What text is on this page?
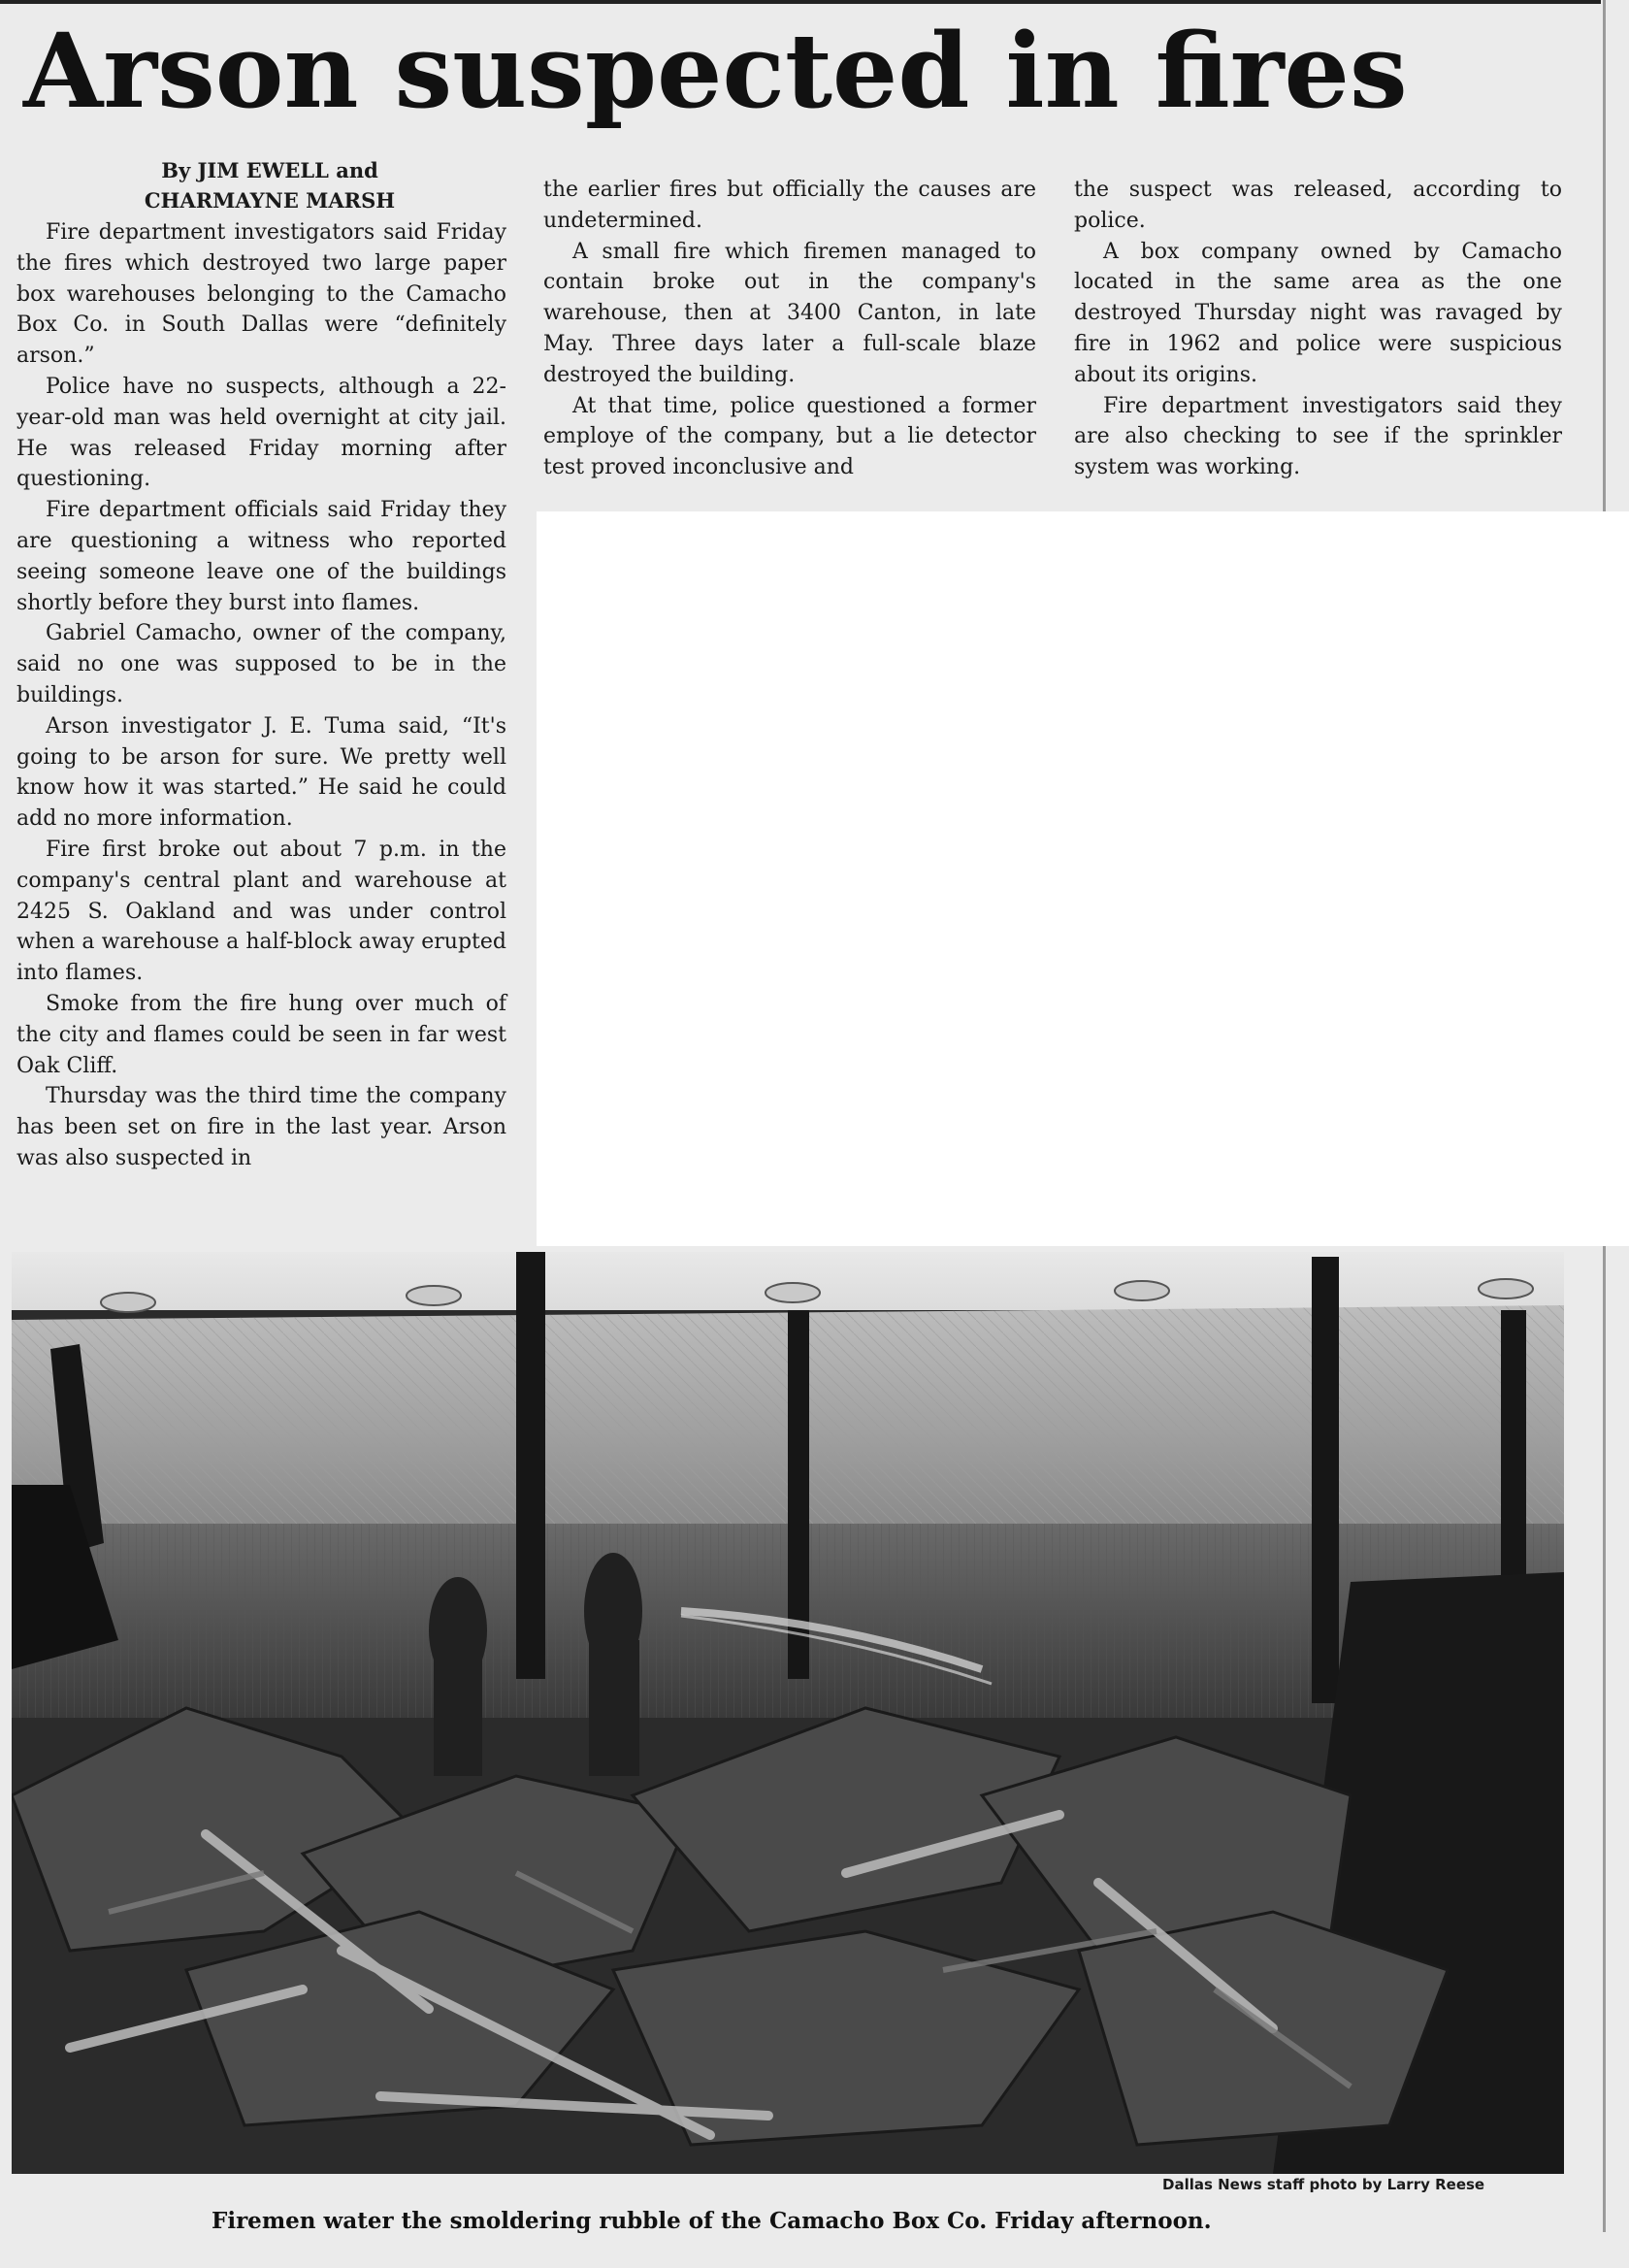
Arson suspected in fires
By JIM EWELL and
CHARMAYNE MARSH

Fire department investigators said Friday the fires which destroyed two large paper box warehouses belonging to the Camacho Box Co. in South Dallas were “definitely arson.”

Police have no suspects, although a 22-year-old man was held overnight at city jail. He was released Friday morning after questioning.

Fire department officials said Friday they are questioning a witness who reported seeing someone leave one of the buildings shortly before they burst into flames.

Gabriel Camacho, owner of the company, said no one was supposed to be in the buildings.

Arson investigator J. E. Tuma said, “It's going to be arson for sure. We pretty well know how it was started.” He said he could add no more information.

Fire first broke out about 7 p.m. in the company's central plant and warehouse at 2425 S. Oakland and was under control when a warehouse a half-block away erupted into flames.

Smoke from the fire hung over much of the city and flames could be seen in far west Oak Cliff.

Thursday was the third time the company has been set on fire in the last year. Arson was also suspected in

the earlier fires but officially the causes are undetermined.

A small fire which firemen managed to contain broke out in the company's warehouse, then at 3400 Canton, in late May. Three days later a full-scale blaze destroyed the building.

At that time, police questioned a former employe of the company, but a lie detector test proved inconclusive and

the suspect was released, according to police.

A box company owned by Camacho located in the same area as the one destroyed Thursday night was ravaged by fire in 1962 and police were suspicious about its origins.

Fire department investigators said they are also checking to see if the sprinkler system was working.

Dallas News staff photo by Larry Reese

Firemen water the smoldering rubble of the Camacho Box Co. Friday afternoon.
